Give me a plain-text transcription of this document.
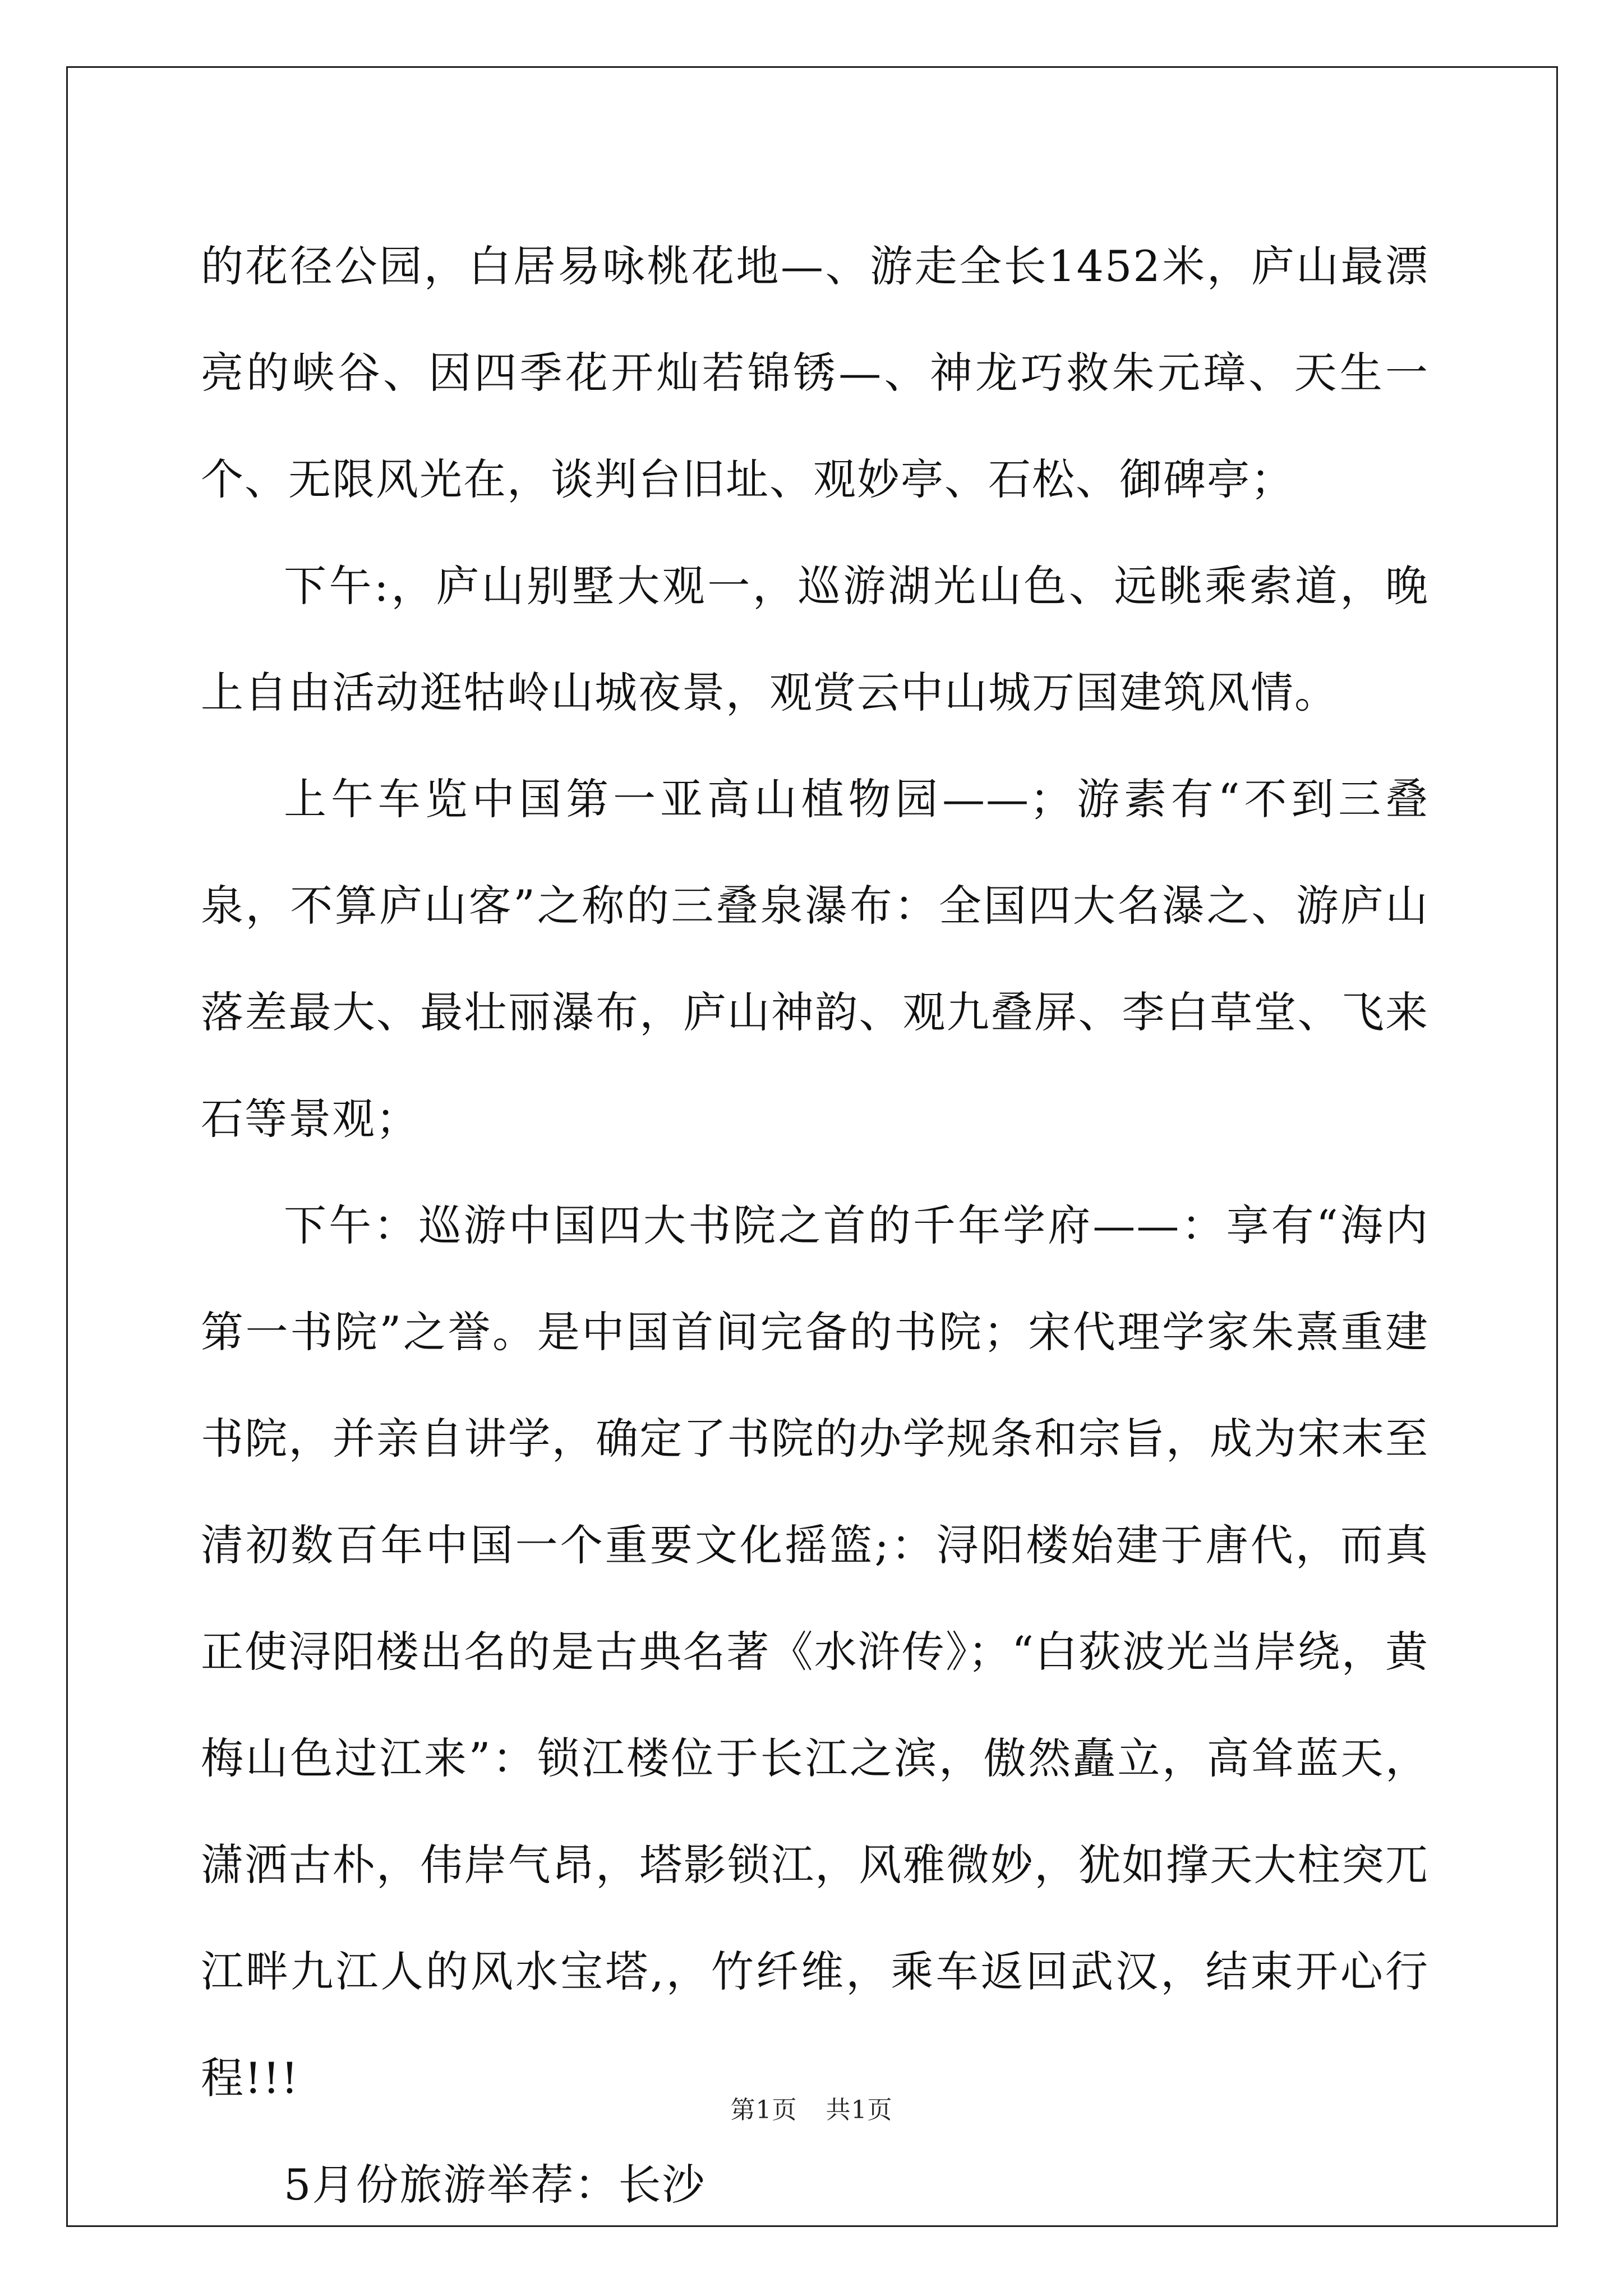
的花径公园，白居易咏桃花地—、游走全长1452米，庐山最漂亮的峡谷、因四季花开灿若锦锈—、神龙巧救朱元璋、天生一个、无限风光在，谈判台旧址、观妙亭、石松、御碑亭；

下午:，庐山别墅大观一，巡游湖光山色、远眺乘索道，晚上自由活动逛牯岭山城夜景，观赏云中山城万国建筑风情。

上午车览中国第一亚高山植物园——；游素有“不到三叠泉，不算庐山客”之称的三叠泉瀑布：全国四大名瀑之、游庐山落差最大、最壮丽瀑布，庐山神韵、观九叠屏、李白草堂、飞来石等景观；

下午：巡游中国四大书院之首的千年学府——：享有“海内第一书院”之誉。是中国首间完备的书院；宋代理学家朱熹重建书院，并亲自讲学，确定了书院的办学规条和宗旨，成为宋末至清初数百年中国一个重要文化摇篮;：浔阳楼始建于唐代，而真正使浔阳楼出名的是古典名著《水浒传》；“白荻波光当岸绕，黄梅山色过江来”：锁江楼位于长江之滨，傲然矗立，高耸蓝天，潇洒古朴，伟岸气昂，塔影锁江，风雅微妙，犹如撑天大柱突兀江畔九江人的风水宝塔,，竹纤维，乘车返回武汉，结束开心行程!!!

5月份旅游举荐：长沙

第1页 共1页
